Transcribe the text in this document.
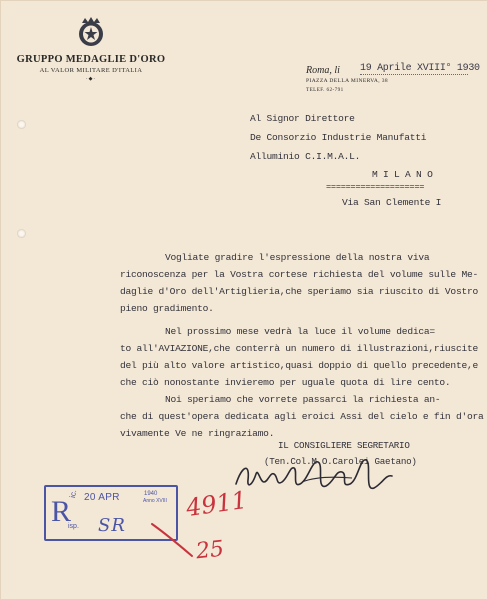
GRUPPO MEDAGLIE D'ORO
AL VALOR MILITARE D'ITALIA
·◆·
Roma, li 19 Aprile XVIII° 1930
PIAZZA DELLA MINERVA, 38
TELEF. 62-791
Al Signor Direttore
De Consorzio Industrie Manufatti
Alluminio C.I.M.A.L.
M I L A N O
====================
Via San Clemente I
Vogliate gradire l'espressione della nostra viva
riconoscenza per la Vostra cortese richiesta del volume sulle Me-
daglie d'Oro dell'Artiglieria,che speriamo sia riuscito di Vostro
pieno gradimento.
Nel prossimo mese vedrà la luce il volume dedica=
to all'AVIAZIONE,che conterrà un numero di illustrazioni,riuscite
del più alto valore artistico,quasi doppio di quello precedente,e
che ciò nonostante invieremo per uguale quota di lire cento.
Noi speriamo che vorrete passarci la richiesta an-
che di quest'opera dedicata agli eroici Assi del cielo e fin d'ora
vivamente Ve ne ringraziamo.
IL CONSIGLIERE SEGRETARIO
(Ten.Col.M.O.Carolei Gaetano)
R
ic.
isp.
20 APR	1940
Anno XVIII
SR
4911
25
